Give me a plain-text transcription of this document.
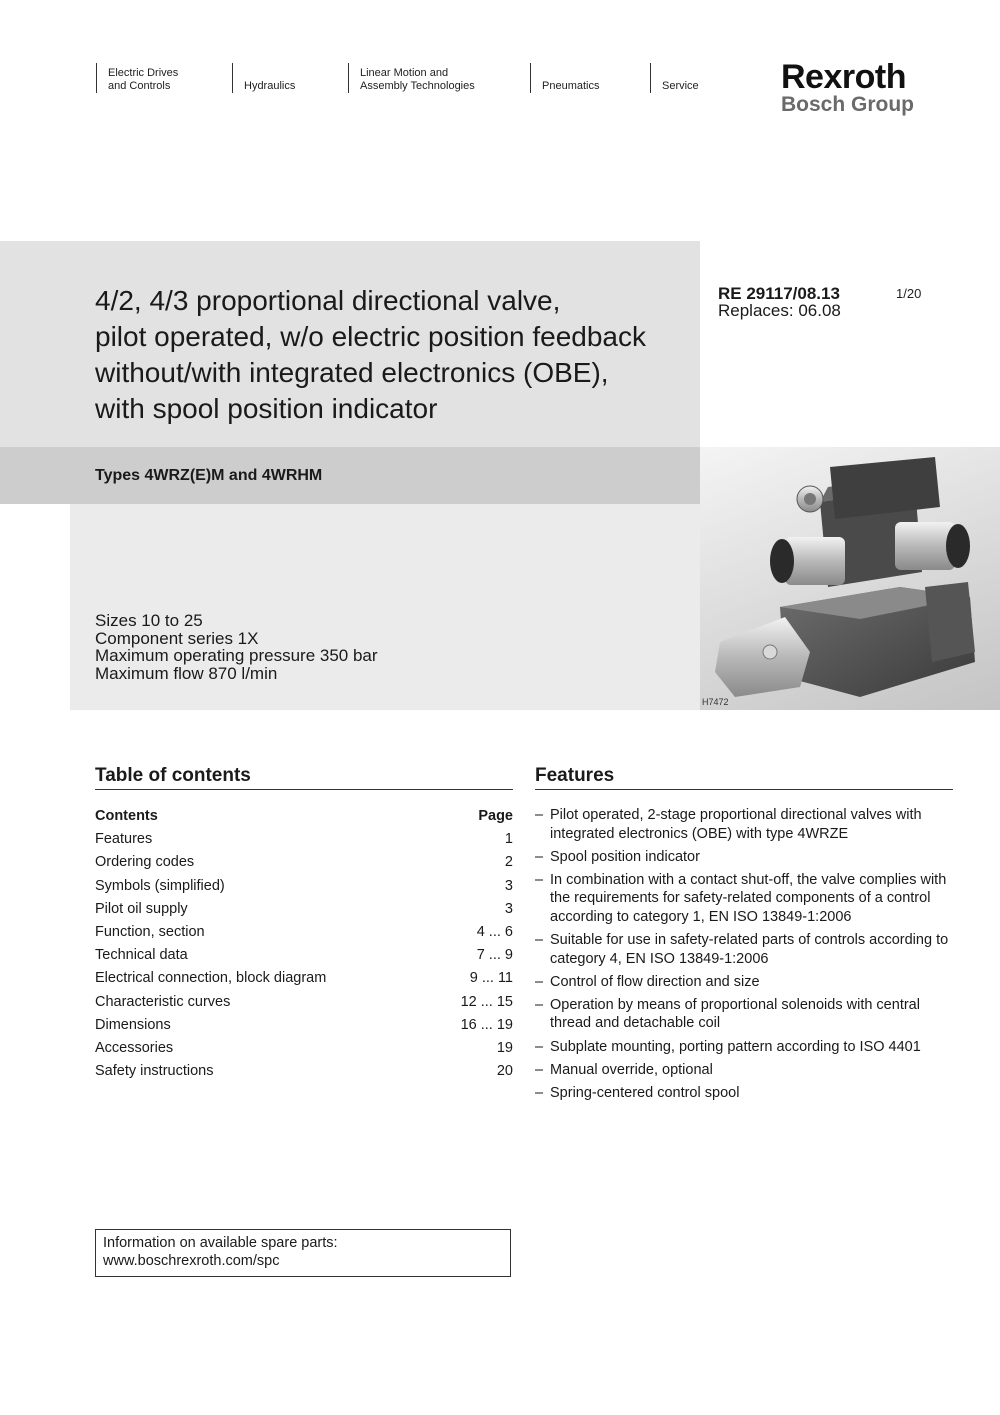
Electric Drives
and Controls	Hydraulics
Linear Motion and
Assembly Technologies	Pneumatics	Service Rexroth
Bosch Group
4/2, 4/3 proportional directional valve,
pilot operated, w/o electric position feedback
without/with integrated electronics (OBE),
with spool position indicator
RE 29117/08.13
Replaces: 06.08
1/20
Types 4WRZ(E)M and 4WRHM
Sizes 10 to 25
Component series 1X
Maximum operating pressure 350 bar
Maximum flow 870 l/min
H7472
Table of contents
Contents	Page
Features	1
Ordering codes	2
Symbols (simplified)	3
Pilot oil supply	3
Function, section	4 ... 6
Technical data	7 ... 9
Electrical connection, block diagram	9 ... 11
Characteristic curves	12 ... 15
Dimensions	16 ... 19
Accessories	19
Safety instructions	20
Features
– Pilot operated, 2-stage proportional directional valves with integrated electronics (OBE) with type 4WRZE
– Spool position indicator
– In combination with a contact shut-off, the valve complies with the requirements for safety-related components of a control according to category 1, EN ISO 13849-1:2006
– Suitable for use in safety-related parts of controls according to category 4, EN ISO 13849-1:2006
– Control of flow direction and size
– Operation by means of proportional solenoids with central thread and detachable coil
– Subplate mounting, porting pattern according to ISO 4401
– Manual override, optional
– Spring-centered control spool
Information on available spare parts:
www.boschrexroth.com/spc
